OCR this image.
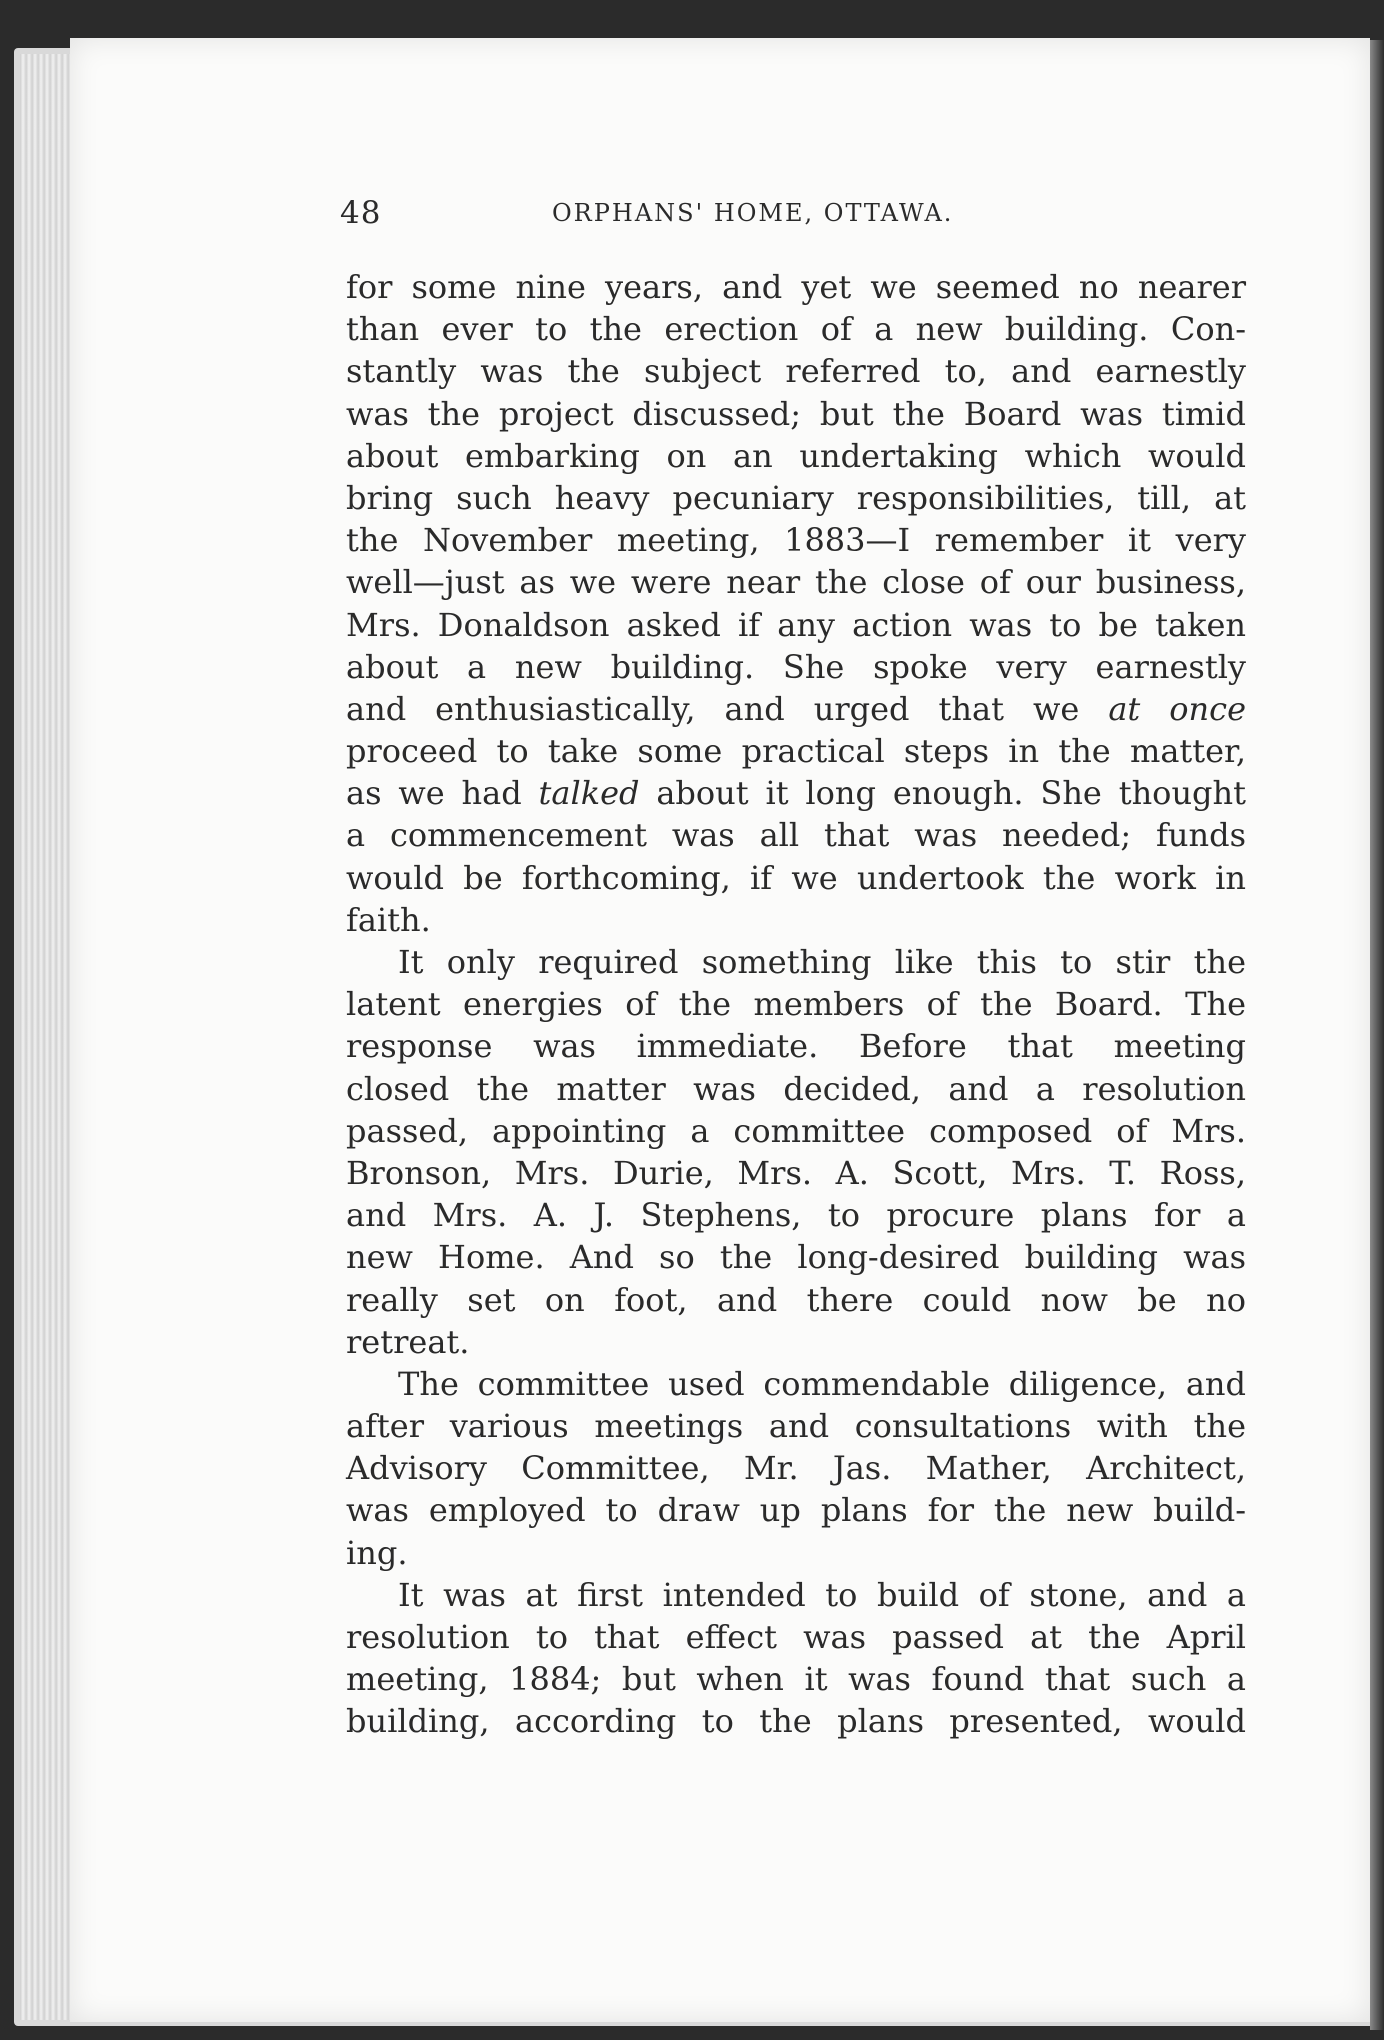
48	ORPHANS' HOME, OTTAWA.
for some nine years, and yet we seemed no nearer
than ever to the erection of a new building. Con-
stantly was the subject referred to, and earnestly
was the project discussed; but the Board was timid
about embarking on an undertaking which would
bring such heavy pecuniary responsibilities, till, at
the November meeting, 1883—I remember it very
well—just as we were near the close of our business,
Mrs. Donaldson asked if any action was to be taken
about a new building. She spoke very earnestly
and enthusiastically, and urged that we at once
proceed to take some practical steps in the matter,
as we had talked about it long enough. She thought
a commencement was all that was needed; funds
would be forthcoming, if we undertook the work in
faith.
It only required something like this to stir the
latent energies of the members of the Board. The
response was immediate. Before that meeting
closed the matter was decided, and a resolution
passed, appointing a committee composed of Mrs.
Bronson, Mrs. Durie, Mrs. A. Scott, Mrs. T. Ross,
and Mrs. A. J. Stephens, to procure plans for a
new Home. And so the long-desired building was
really set on foot, and there could now be no
retreat.
The committee used commendable diligence, and
after various meetings and consultations with the
Advisory Committee, Mr. Jas. Mather, Architect,
was employed to draw up plans for the new build-
ing.
It was at first intended to build of stone, and a
resolution to that effect was passed at the April
meeting, 1884; but when it was found that such a
building, according to the plans presented, would
